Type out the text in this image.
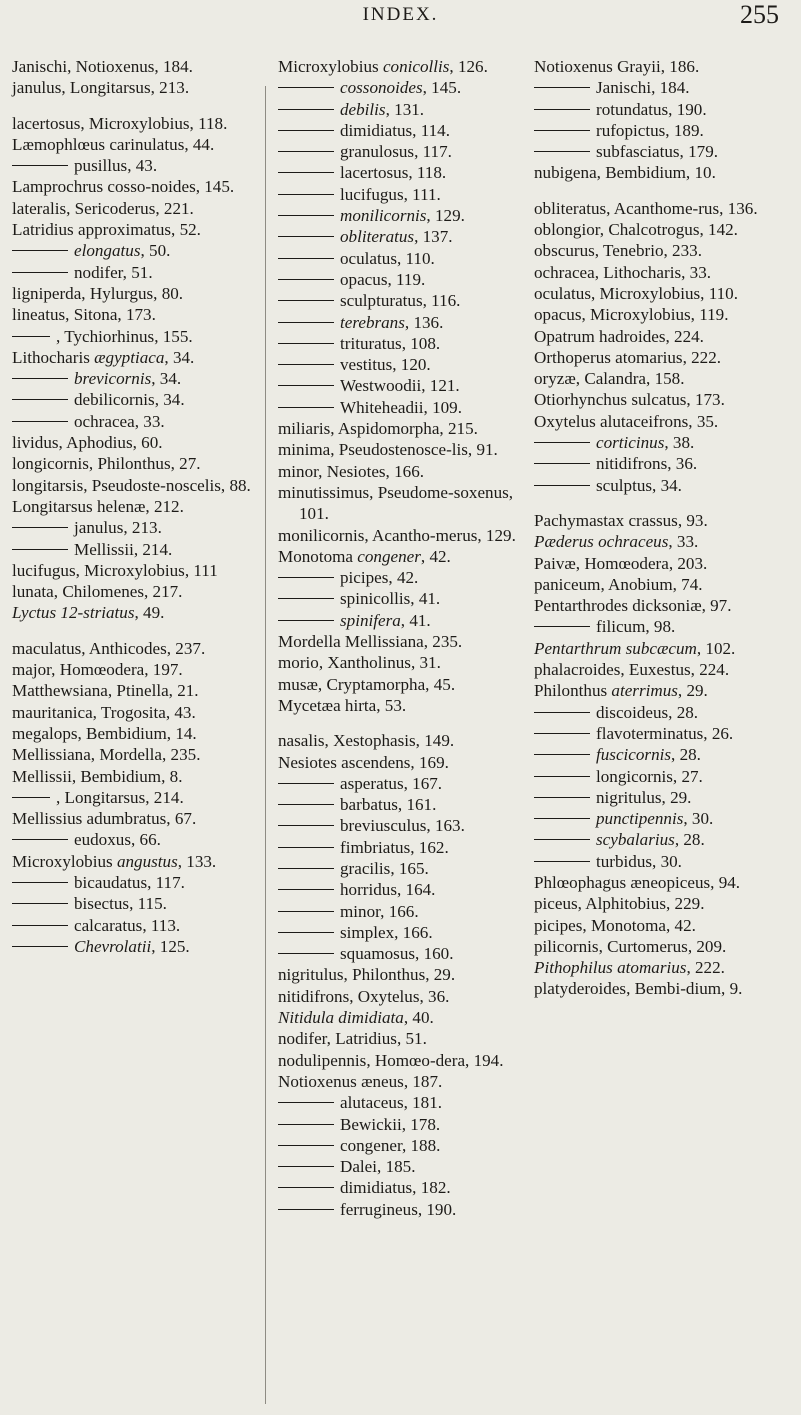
INDEX.	255
Janischi, Notioxenus, 184.
janulus, Longitarsus, 213.
lacertosus, Microxylobius, 118.
Læmophlœus carinulatus, 44.
pusillus, 43.
Lamprochrus cosso-noides, 145.
lateralis, Sericoderus, 221.
Latridius approximatus, 52.
elongatus, 50.
nodifer, 51.
ligniperda, Hylurgus, 80.
lineatus, Sitona, 173.
, Tychiorhinus, 155.
Lithocharis ægyptiaca, 34.
brevicornis, 34.
debilicornis, 34.
ochracea, 33.
lividus, Aphodius, 60.
longicornis, Philonthus, 27.
longitarsis, Pseudoste-noscelis, 88.
Longitarsus helenæ, 212.
janulus, 213.
Mellissii, 214.
lucifugus, Microxylobius, 111
lunata, Chilomenes, 217.
Lyctus 12-striatus, 49.
maculatus, Anthicodes, 237.
major, Homœodera, 197.
Matthewsiana, Ptinella, 21.
mauritanica, Trogosita, 43.
megalops, Bembidium, 14.
Mellissiana, Mordella, 235.
Mellissii, Bembidium, 8.
, Longitarsus, 214.
Mellissius adumbratus, 67.
eudoxus, 66.
Microxylobius angustus, 133.
bicaudatus, 117.
bisectus, 115.
calcaratus, 113.
Chevrolatii, 125.
Microxylobius conicollis, 126.
cossonoides, 145.
debilis, 131.
dimidiatus, 114.
granulosus, 117.
lacertosus, 118.
lucifugus, 111.
monilicornis, 129.
obliteratus, 137.
oculatus, 110.
opacus, 119.
sculpturatus, 116.
terebrans, 136.
trituratus, 108.
vestitus, 120.
Westwoodii, 121.
Whiteheadii, 109.
miliaris, Aspidomorpha, 215.
minima, Pseudostenosce-lis, 91.
minor, Nesiotes, 166.
minutissimus, Pseudome-soxenus, 101.
monilicornis, Acantho-merus, 129.
Monotoma congener, 42.
picipes, 42.
spinicollis, 41.
spinifera, 41.
Mordella Mellissiana, 235.
morio, Xantholinus, 31.
musæ, Cryptamorpha, 45.
Mycetæa hirta, 53.
nasalis, Xestophasis, 149.
Nesiotes ascendens, 169.
asperatus, 167.
barbatus, 161.
breviusculus, 163.
fimbriatus, 162.
gracilis, 165.
horridus, 164.
minor, 166.
simplex, 166.
squamosus, 160.
nigritulus, Philonthus, 29.
nitidifrons, Oxytelus, 36.
Nitidula dimidiata, 40.
nodifer, Latridius, 51.
nodulipennis, Homœo-dera, 194.
Notioxenus æneus, 187.
alutaceus, 181.
Bewickii, 178.
congener, 188.
Dalei, 185.
dimidiatus, 182.
ferrugineus, 190.
Notioxenus Grayii, 186.
Janischi, 184.
rotundatus, 190.
rufopictus, 189.
subfasciatus, 179.
nubigena, Bembidium, 10.
obliteratus, Acanthome-rus, 136.
oblongior, Chalcotrogus, 142.
obscurus, Tenebrio, 233.
ochracea, Lithocharis, 33.
oculatus, Microxylobius, 110.
opacus, Microxylobius, 119.
Opatrum hadroides, 224.
Orthoperus atomarius, 222.
oryzæ, Calandra, 158.
Otiorhynchus sulcatus, 173.
Oxytelus alutaceifrons, 35.
corticinus, 38.
nitidifrons, 36.
sculptus, 34.
Pachymastax crassus, 93.
Pæderus ochraceus, 33.
Paivæ, Homœodera, 203.
paniceum, Anobium, 74.
Pentarthrodes dicksoniæ, 97.
filicum, 98.
Pentarthrum subcæcum, 102.
phalacroides, Euxestus, 224.
Philonthus aterrimus, 29.
discoideus, 28.
flavoterminatus, 26.
fuscicornis, 28.
longicornis, 27.
nigritulus, 29.
punctipennis, 30.
scybalarius, 28.
turbidus, 30.
Phlœophagus æneopiceus, 94.
piceus, Alphitobius, 229.
picipes, Monotoma, 42.
pilicornis, Curtomerus, 209.
Pithophilus atomarius, 222.
platyderoides, Bembi-dium, 9.
